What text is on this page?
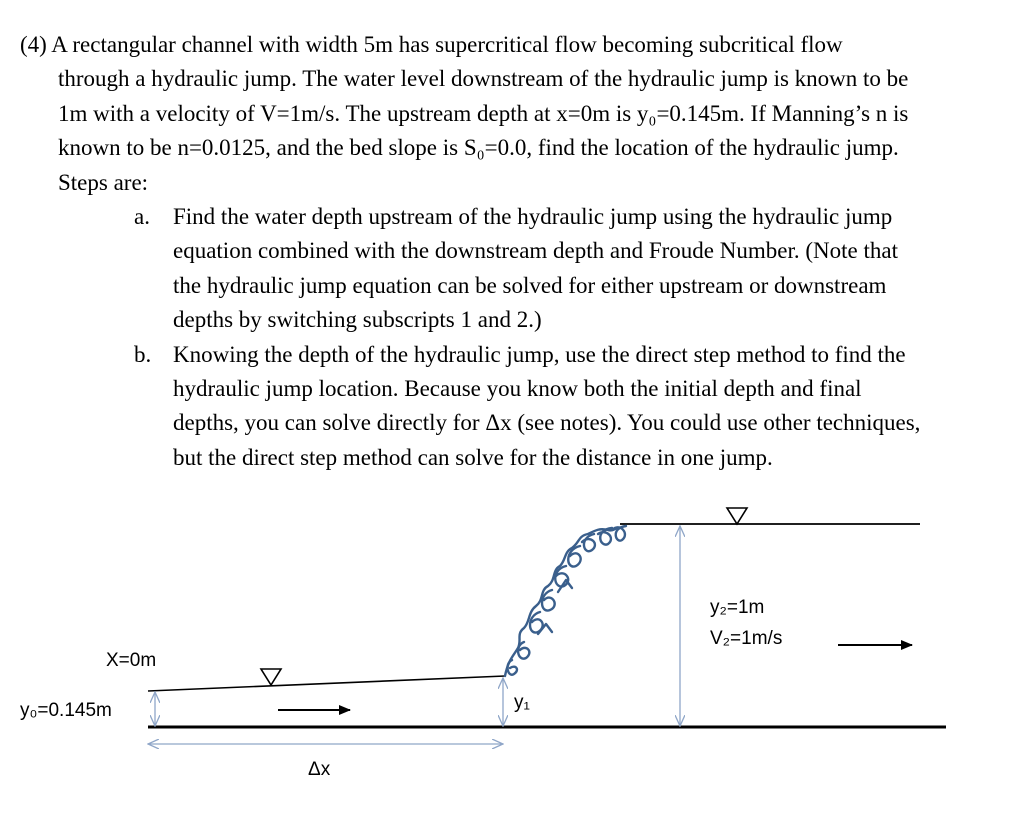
(4) A rectangular channel with width 5m has supercritical flow becoming subcritical flow
through a hydraulic jump. The water level downstream of the hydraulic jump is known to be
1m with a velocity of V=1m/s. The upstream depth at x=0m is y₀=0.145m. If Manning’s n is
known to be n=0.0125, and the bed slope is S₀=0.0, find the location of the hydraulic jump.
Steps are:
a. Find the water depth upstream of the hydraulic jump using the hydraulic jump
equation combined with the downstream depth and Froude Number. (Note that
the hydraulic jump equation can be solved for either upstream or downstream
depths by switching subscripts 1 and 2.)
b. Knowing the depth of the hydraulic jump, use the direct step method to find the
hydraulic jump location. Because you know both the initial depth and final
depths, you can solve directly for Δx (see notes). You could use other techniques,
but the direct step method can solve for the distance in one jump.
X=0m
y₀=0.145m	y₁
y₂=1m
V₂=1m/s
Δx
